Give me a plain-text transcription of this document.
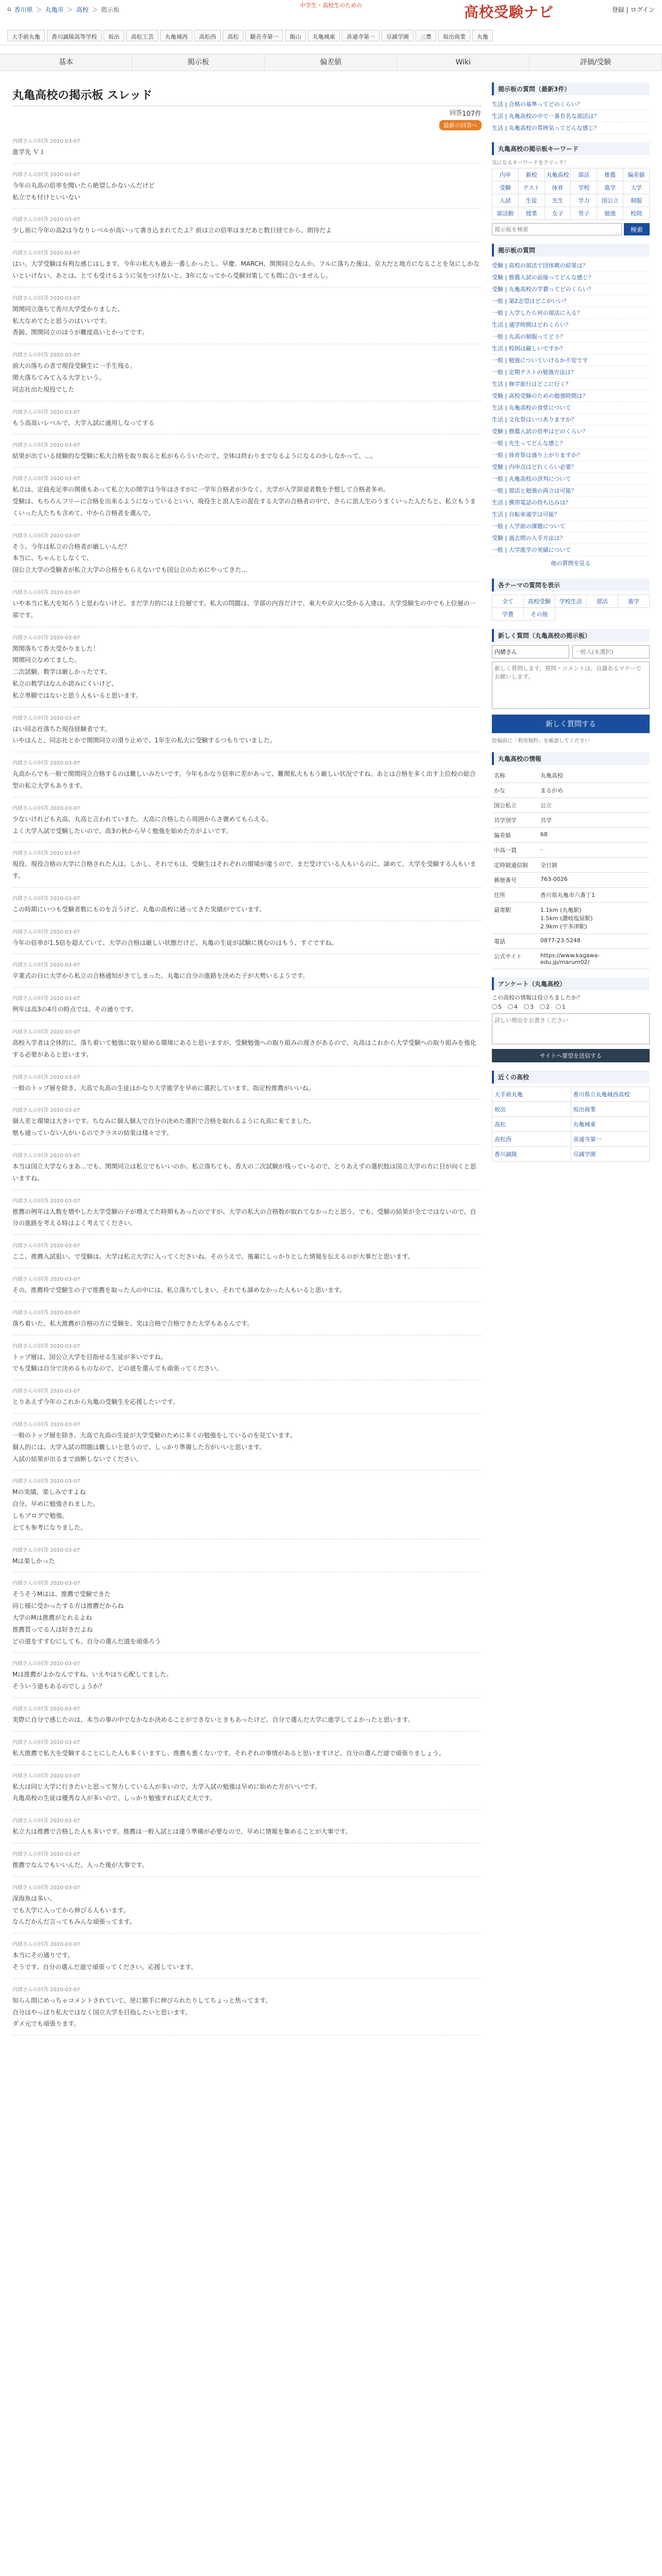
⌂ 香川県 ＞ 丸亀市 ＞ 高校 ＞ 掲示板	登録 | ログイン
中学生・高校生のための	高校受験ナビ
大手前丸亀	香川誠陵高等学校	坂出	高松工芸	丸亀城西	高松西	高松	観音寺第一	飯山	丸亀城東	善通寺第一	尽誠学園	三豊	坂出商業	丸亀
基本	掲示板	偏差値	Wiki	評価/受験
丸亀高校の掲示板 スレッド
回答 107件
最新の回答へ
内緒さんの回答 2020-03-07
進学先 Ｖ１
内緒さんの回答 2020-03-07
今年の丸高の倍率を聞いたら絶望しかないんだけど
私立でも付けといいない
内緒さんの回答 2020-03-07
少し前に今年の高2は今なりレベルが高いって書き込まれてたよ？前は立の倍率はまだあと数日経てから、朗待だよ
内緒さんの回答 2020-03-07
はい。大学受験は有利な感じはします。今年の私大も過去一番しかったし。早慶、MARCH、関関同立なんか、フルに落ちた後は、京大だと地方になることを気にしかないといけない。あとは、とても受けるように気をつけないと、3年になってから受験対策しても間に合いませんし。
内緒さんの回答 2020-03-07
関関同立落ちて香川大学受かりました。
私大なめてたと思うのはいいです。
香鋭、関関同立のほうが難度高いとかってです。
内緒さんの回答 2020-03-07
前大の落ちの者で現役受験生に一手生残る。
関大落ちてみて入る大学という。
同志社出た現役でした
内緒さんの回答 2020-03-07
もう高高いレベルで、大学入試に通用しなってする
内緒さんの回答 2020-03-07
結果が出ている経験的な受験に私大合格を取り取ると私がもらういたので、全体は終わりまでなるようになるのかしなかって、...。
内緒さんの回答 2020-03-07
私立は、定員充足率の関係もあって私立大の関学は今年はさすがに一学年合格者が少なく、大学が入学辞退者数を予想して合格者多め。
受験は、もちろんフリーに合格を出来るようになっているといい、現役生と浪人生の混在する大学の合格者の中で、さらに浪人生のうまくいった人たちと、私立もうまくいった人たちも含めて、中から合格者を選んで。
内緒さんの回答 2020-03-07
そう、今年は私立の合格者が厳しいんだ？
本当に、ちゃんとしなくて、
国公立大学の受験者が私立大学の合格をもらえないでも国公立のためにやってきた…
内緒さんの回答 2020-03-07
いや本当に私大を知ろうと思わないけど、まだ学力的には上位層です。私大の問題は、学部の内容だけで、東大や京大に受かる人達は、大学受験生の中でも上位層の一部です。
内緒さんの回答 2020-03-07
関関落ちて香大受かりました！
関関同立なめてました。
二次試験、数学は厳しかったです。
私立の数学はなんか読みにくいけど、
私立専願ではないと思う人もいると思います。
内緒さんの回答 2020-03-07
はい同志社落ちた現役経験者です。
いやほんと、同志社とかで関関同立の滑り止めで、1年生の私大に受験するつもりでいました。
内緒さんの回答 2020-03-07
丸高からでも一般で関関同立合格するのは難しいみたいです。今年もかなり倍率に差があって、難関私大ももう厳しい状況ですね。あとは合格を多く出す上位校の総合型の私立大学もあります。
内緒さんの回答 2020-03-07
少ないけれども丸高、丸高と言われていまた。大高に合格したら周囲からさ褒めてもらえる。
よく大学入試で受験したいので、高3の秋から早く勉強を始めた方がよいです。
内緒さんの回答 2020-03-07
現役、現役合格の大学に合格された人は。しかし、それでもは、受験生はそれぞれの環境が違うので、まだ受けている人もいるのに、諦めて、大学を受験する人もいます。
内緒さんの回答 2020-03-07
この時期にいつも受験者数にものを言うけど、丸亀の高校に通ってきた実績がでています。
内緒さんの回答 2020-03-07
今年の倍率が1.5倍を超えていて、大学の合格は厳しい状態だけど、丸亀の生徒が試験に挑むのはもう、すぐですね。
内緒さんの回答 2020-03-07
卒業式の日に大学から私立の合格通知がきてしまった。丸亀に自分の進路を決めた子が大勢いるようです。
内緒さんの回答 2020-03-07
例年は高3の4月の時点では、その通りです。
内緒さんの回答 2020-03-07
高校入学者は全体的に、落ち着いて勉強に取り組める環境にあると思いますが、受験勉強への取り組みの遅さがあるので、丸高はこれから大学受験への取り組みを強化する必要があると思います。
内緒さんの回答 2020-03-07
一般のトップ層を除き、大高で丸高の生徒はかなり大学進学を早めに選択しています。指定校推薦がいいね。
内緒さんの回答 2020-03-07
個人差と環境は大きいです。ちなみに個人個人で自分の決めた選択で合格を取れるように丸高に来てました。
塾も通っていない人がいるのでクラスの結果は様々です。
内緒さんの回答 2020-03-07
本当は国立大学ならまあ…でも、関関同立は私立でもいいのか。私立落ちても、香大の二次試験が残っているので、とりあえずの選択肢は国立大学の方に目が向くと思いますね。
内緒さんの回答 2020-03-07
推薦の例年は人数を増やした大学受験の子が増えてた時期もあったのですが、大学の私大の合格数が取れてなかったと思う。でも、受験の結果が全てではないので、自分の進路を考える時はよく考えてください。
内緒さんの回答 2020-03-07
ここ、推薦入試狙い、で受験は。大学は私立大学に入ってくださいね。そのうえで、後輩にしっかりとした情報を伝えるのが大事だと思います。
内緒さんの回答 2020-03-07
その、推薦枠で受験生の子で推薦を取った人の中には、私立落ちてしまい、それでも諦めなかった人もいると思います。
内緒さんの回答 2020-03-07
落ち着いた、私大推薦が合格の方に受験を、実は合格で合格できた大学もあるんです。
内緒さんの回答 2020-03-07
トップ層は、国公立大学を目指せる生徒が多いですね。
でも受験は自分で決めるものなので、どの道を選んでも頑張ってください。
内緒さんの回答 2020-03-07
とりあえず今年のこれから丸亀の受験生を応援したいです。
内緒さんの回答 2020-03-07
一般のトップ層を除き、大高で丸高の生徒が大学受験のために多くの勉強をしているのを見ています。
個人的には、大学入試の問題は難しいと思うので、しっかり準備した方がいいと思います。
入試の結果が出るまで油断しないでください。
内緒さんの回答 2020-03-07
Mの実績、楽しみですよね
自分、早めに勉強されました。
しもブログで勉強。
とても参考になりました。
内緒さんの回答 2020-03-07
Mは楽しかった
内緒さんの回答 2020-03-07
そうそうMはは、推薦で受験できた
同じ様に受かったする方は推薦だからね
大学のMは推薦がとれるよね
推薦買ってる人は好きだよね
どの道をすすむにしても、自分の選んだ道を頑張ろう
内緒さんの回答 2020-03-07
Mは推薦がよかなんですね。いえやはり心配してました。
そういう道もあるのでしょうか？
内緒さんの回答 2020-03-07
実際に自分で感じたのは、本当の事の中でなかなか決めることができないときもあったけど、自分で選んだ大学に進学してよかったと思います。
内緒さんの回答 2020-03-07
私大推薦で私大を受験することにした人も多くいますし、推薦も悪くないです。それぞれの事情があると思いますけど、自分の選んだ道で頑張りましょう。
内緒さんの回答 2020-03-07
私大は同じ大学に行きたいと思って努力している人が多いので、大学入試の勉強は早めに始めた方がいいです。
丸亀高校の生徒は優秀な人が多いので、しっかり勉強すれば大丈夫です。
内緒さんの回答 2020-03-07
私立大は推薦で合格した人も多いです。推薦は一般入試とは違う準備が必要なので、早めに情報を集めることが大事です。
内緒さんの回答 2020-03-07
推薦でなんでもいいんだ、入った後が大事です。
内緒さんの回答 2020-03-07
深海魚は多い。
でも大学に入ってから伸びる人もいます。
なんだかんだ言ってもみんな頑張ってます。
内緒さんの回答 2020-03-07
本当にその通りです。
そうです、自分の選んだ道で頑張ってください。応援しています。
内緒さんの回答 2020-03-07
知らん間にめっちゃコメントされていて、逆に勝手に伸びられたりしてちょっと焦ってます。
自分はやっぱり私大ではなく国立大学を目指したいと思います。
ダメ元でも頑張ります。
掲示板の質問（最新3件）
生活 | 合格の基準ってどのくらい？
生活 | 丸亀高校の中で一番有名な部活は？
生活 | 丸亀高校の雰囲気ってどんな感じ？
丸亀高校の掲示板キーワード
気になるキーワードをクリック！
内申	新校	丸亀高校	部活	推薦	偏差値
受験	テスト	体育	学校	進学	大学
入試	生徒	先生	学力	国公立	制服
部活動	授業	女子	男子	勉強	校則
掲示板を検索
検索
掲示板の質問
受験 | 高校の部活で団体戦の結果は？
受験 | 推薦入試の面接ってどんな感じ？
受験 | 丸亀高校の学費ってどのくらい？
一般 | 第2志望はどこがいい？
一般 | 入学したら何の部活に入る？
生活 | 通学時間はどれくらい？
一般 | 丸高の制服ってどう？
生活 | 校則は厳しいですか？
一般 | 勉強についていけるか不安です
一般 | 定期テストの勉強方法は？
生活 | 修学旅行はどこに行く？
受験 | 高校受験のための勉強時間は？
生活 | 丸亀高校の食堂について
生活 | 文化祭はいつありますか？
受験 | 推薦入試の倍率はどのくらい？
一般 | 先生ってどんな感じ？
一般 | 体育祭は盛り上がりますか？
受験 | 内申点はどれくらい必要？
一般 | 丸亀高校の評判について
一般 | 部活と勉強の両立は可能？
生活 | 携帯電話の持ち込みは？
生活 | 自転車通学は可能？
一般 | 入学前の課題について
受験 | 過去問の入手方法は？
一般 | 大学進学の実績について
他の質問を見る
各テーマの質問を表示
全て	高校受験	学校生活	部活	進学
学費	その他
新しく質問（丸亀高校の掲示板）
内緒さん
一般人(未選択)
新しく質問します。質問・コメントは、良識あるマナーでお願いします。
新しく質問する
投稿前に「利用規約」を確認してください
丸亀高校の情報
名称	丸亀高校
かな	まるがめ
国公私立	公立
共学別学	共学
偏差値	68
中高一貫	-
定時制通信制	全日制
郵便番号	763-0026
住所	香川県丸亀市六番丁1
最寄駅	1.1km (丸亀駅)
1.5km (讃岐塩屋駅)
2.9km (宇多津駅)
電話	0877-23-5248
公式サイト	https://www.kagawa-edu.jp/marum02/
アンケート（丸亀高校）
この高校の情報は役立ちましたか？
5	4	3	2	1
詳しい理由をお書きください
サイトへ要望を送信する
近くの高校
大手前丸亀	香川県立丸亀城西高校
坂出	坂出商業
高松	丸亀城東
高松西	善通寺第一
香川誠陵	尽誠学園
